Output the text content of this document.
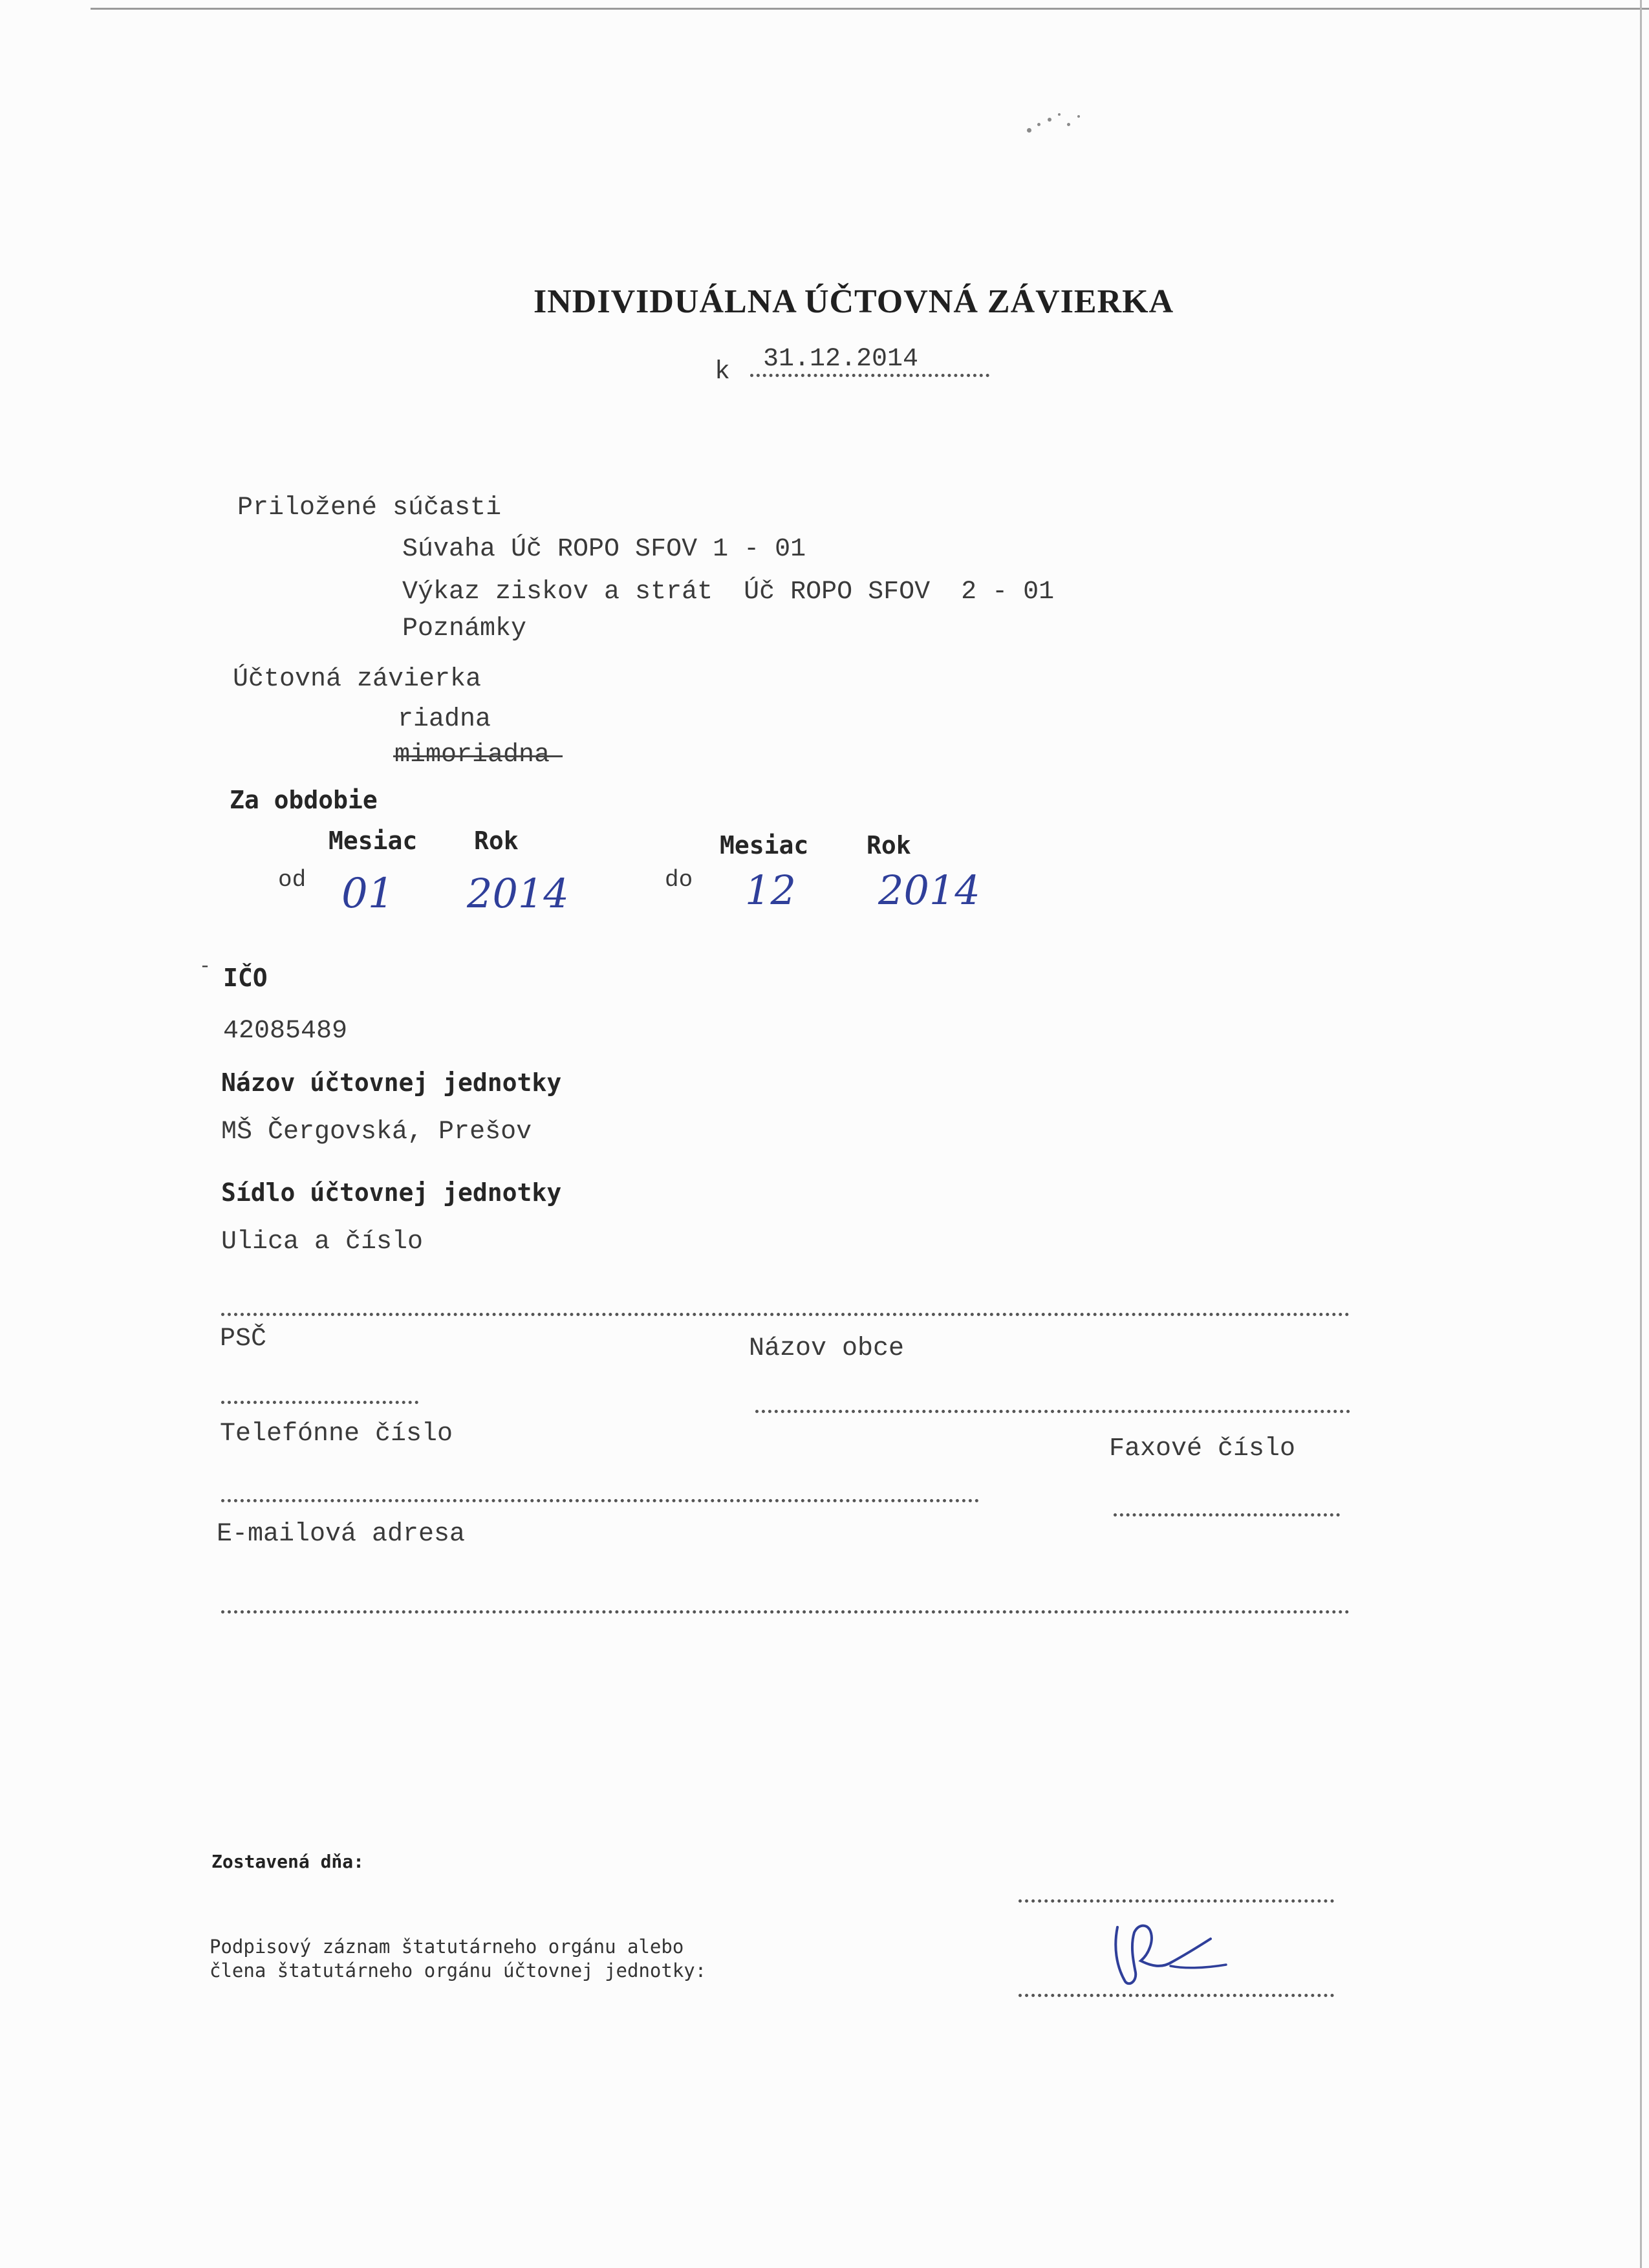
INDIVIDUÁLNA ÚČTOVNÁ ZÁVIERKA
k 31.12.2014
Priložené súčasti
Súvaha Úč ROPO SFOV 1 - 01
Výkaz ziskov a strát  Úč ROPO SFOV  2 - 01
Poznámky
Účtovná závierka
riadna
mimoriadna
Za obdobie
Mesiac Rok	Mesiac Rok
od 01 2014	do 12 2014
- IČO
42085489
Názov účtovnej jednotky
MŠ Čergovská, Prešov
Sídlo účtovnej jednotky
Ulica a číslo
PSČ	Názov obce
Telefónne číslo
Faxové číslo
E-mailová adresa
Zostavená dňa:
Podpisový záznam štatutárneho orgánu alebo
člena štatutárneho orgánu účtovnej jednotky:
